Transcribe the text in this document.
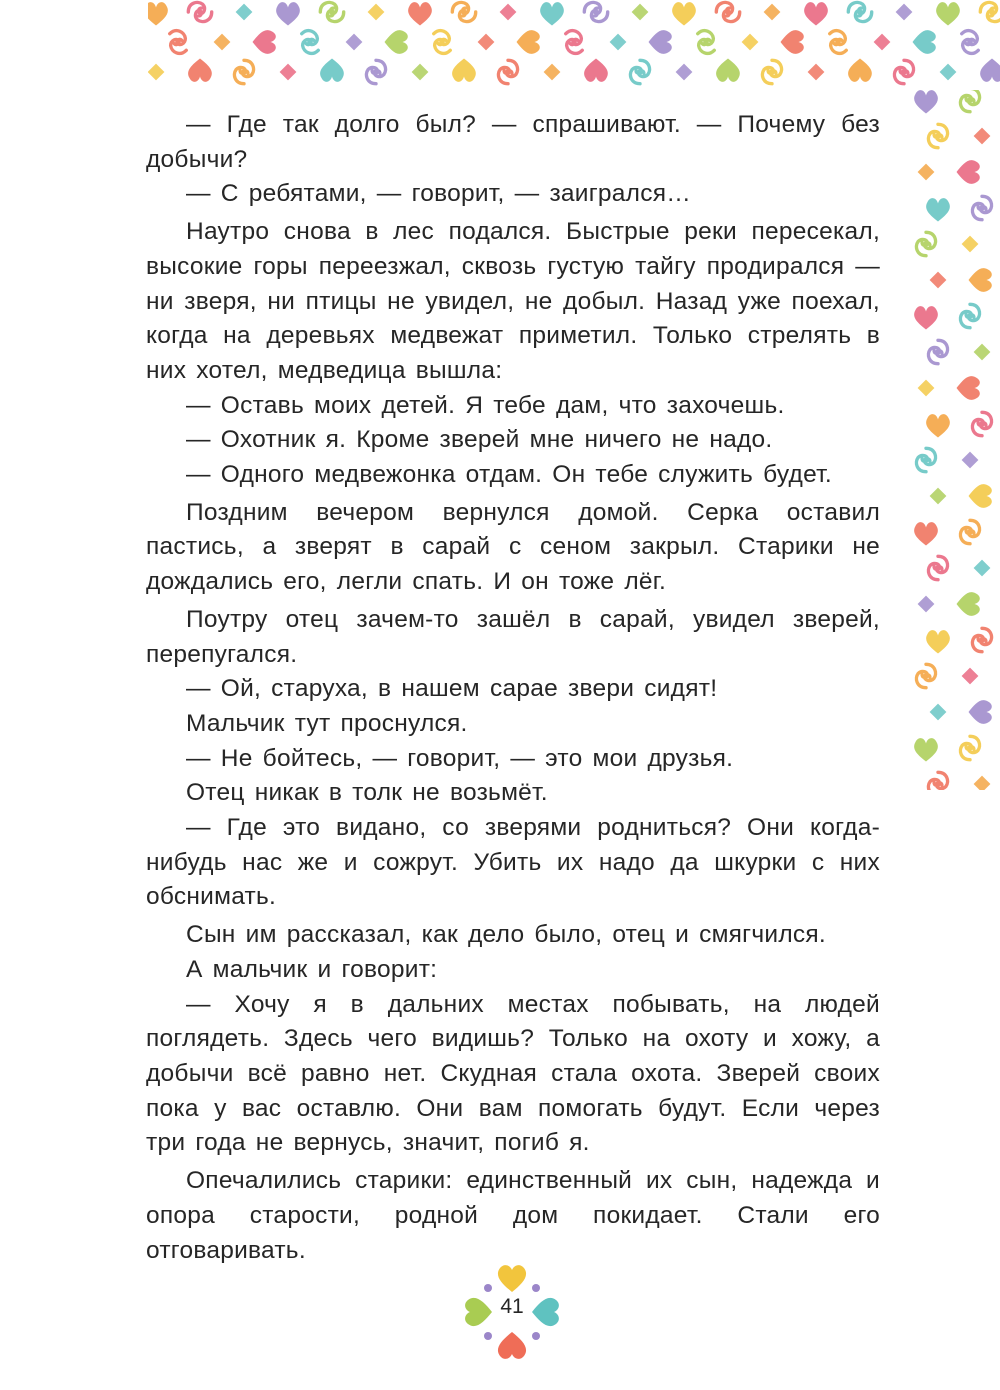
— Где так долго был? — спрашивают. — Почему без добычи?

— С ребятами, — говорит, — заигрался…

Наутро снова в лес подался. Быстрые реки пересекал, высокие горы переезжал, сквозь густую тайгу продирался — ни зверя, ни птицы не увидел, не добыл. Назад уже поехал, когда на деревьях медвежат приметил. Только стрелять в них хотел, медведица вышла:

— Оставь моих детей. Я тебе дам, что захочешь.

— Охотник я. Кроме зверей мне ничего не надо.

— Одного медвежонка отдам. Он тебе служить будет.

Поздним вечером вернулся домой. Серка оставил пастись, а зверят в сарай с сеном закрыл. Старики не дождались его, легли спать. И он тоже лёг.

Поутру отец зачем-то зашёл в сарай, увидел зверей, перепугался.

— Ой, старуха, в нашем сарае звери сидят!

Мальчик тут проснулся.

— Не бойтесь, — говорит, — это мои друзья.

Отец никак в толк не возьмёт.

— Где это видано, со зверями родниться? Они когда-нибудь нас же и сожрут. Убить их надо да шкурки с них обснимать.

Сын им рассказал, как дело было, отец и смягчился.

А мальчик и говорит:

— Хочу я в дальних местах побывать, на людей поглядеть. Здесь чего видишь? Только на охоту и хожу, а добычи всё равно нет. Скудная стала охота. Зверей своих пока у вас оставлю. Они вам помогать будут. Если через три года не вернусь, значит, погиб я.

Опечалились старики: единственный их сын, надежда и опора старости, родной дом покидает. Стали его отговаривать.

41
